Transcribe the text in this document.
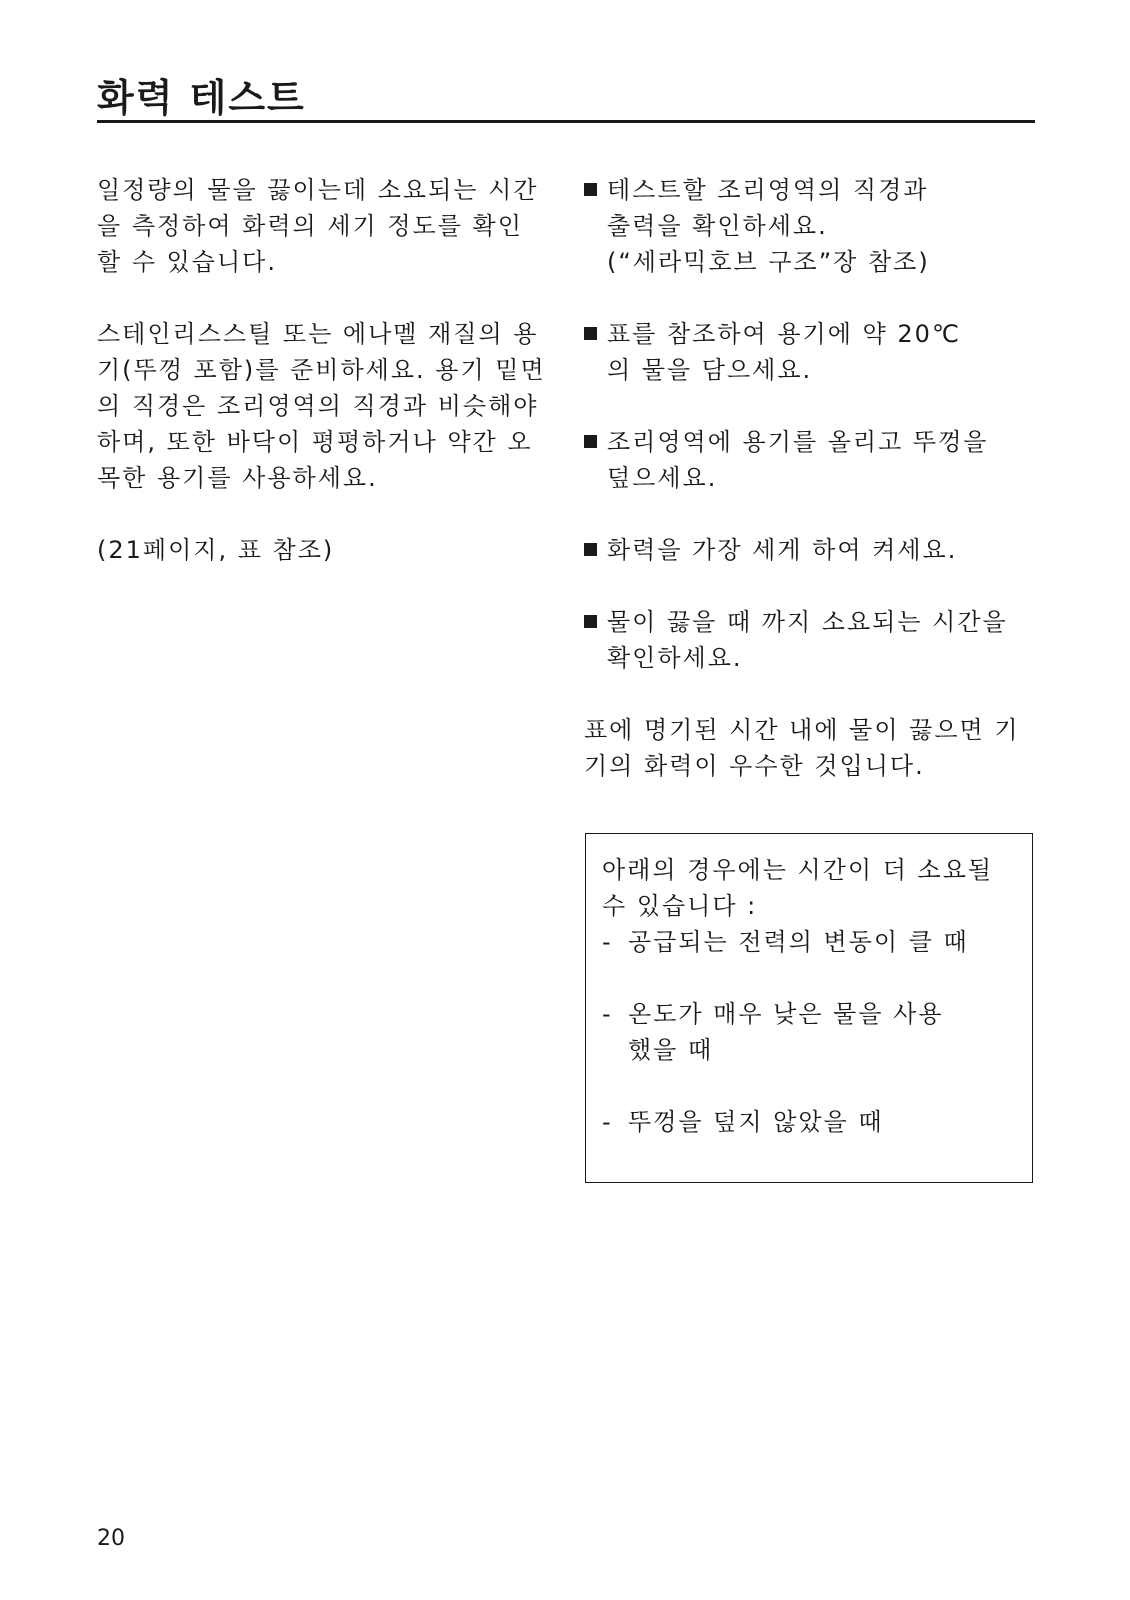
화력 테스트

일정량의 물을 끓이는데 소요되는 시간을 측정하여 화력의 세기 정도를 확인할 수 있습니다.

스테인리스스틸 또는 에나멜 재질의 용기(뚜껑 포함)를 준비하세요. 용기 밑면의 직경은 조리영역의 직경과 비슷해야 하며, 또한 바닥이 평평하거나 약간 오목한 용기를 사용하세요.

(21페이지, 표 참조)

테스트할 조리영역의 직경과
출력을 확인하세요.
(“세라믹호브 구조”장 참조)
표를 참조하여 용기에 약 20℃
의 물을 담으세요.
조리영역에 용기를 올리고 뚜껑을
덮으세요.
화력을 가장 세게 하여 켜세요.
물이 끓을 때 까지 소요되는 시간을
확인하세요.

표에 명기된 시간 내에 물이 끓으면 기기의 화력이 우수한 것입니다.

아래의 경우에는 시간이 더 소요될 수 있습니다 :

- 공급되는 전력의 변동이 클 때
- 온도가 매우 낮은 물을 사용
했을 때
- 뚜껑을 덮지 않았을 때
20
